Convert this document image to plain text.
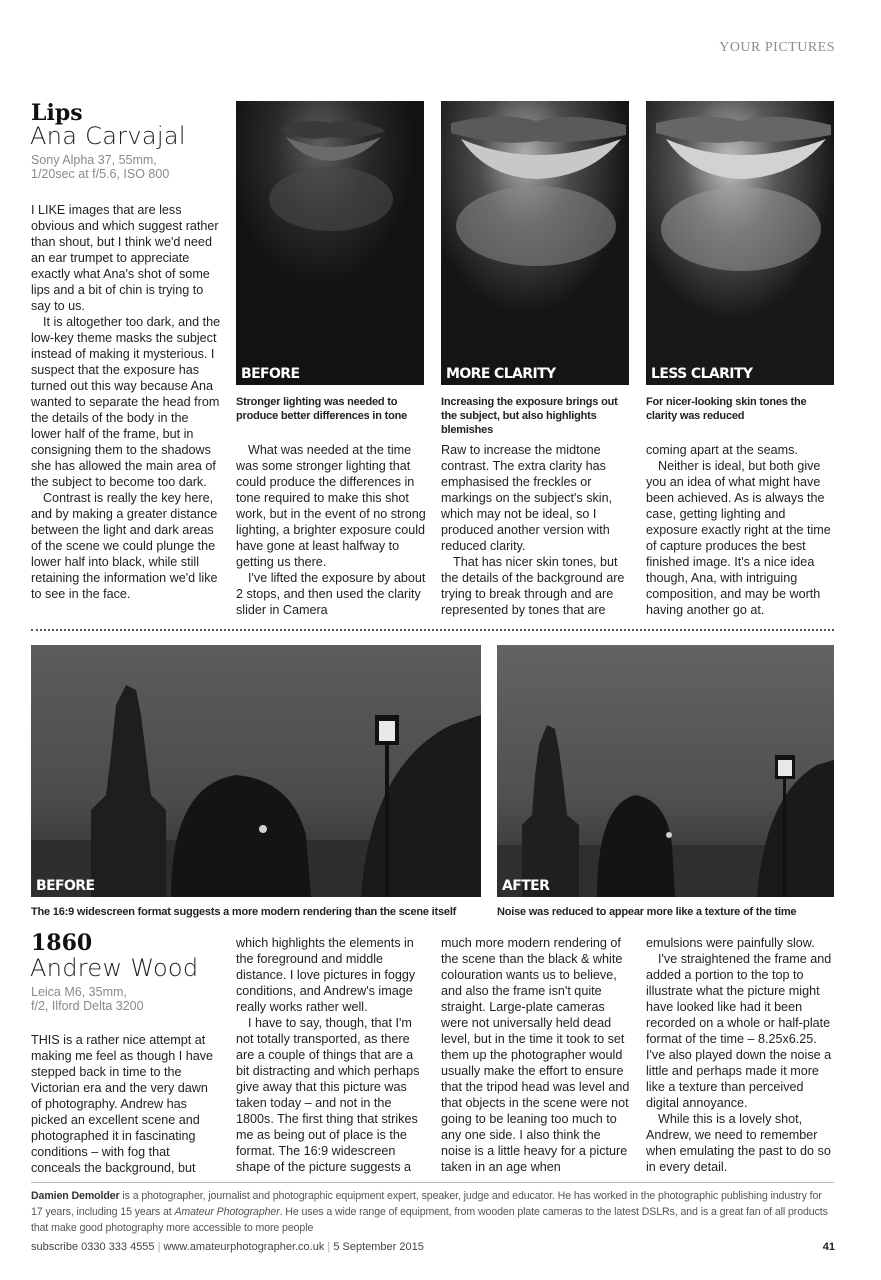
YOUR PICTURES
Lips
Ana Carvajal
Sony Alpha 37, 55mm,
1/20sec at f/5.6, ISO 800

I LIKE images that are less obvious and which suggest rather than shout, but I think we'd need an ear trumpet to appreciate exactly what Ana's shot of some lips and a bit of chin is trying to say to us.

It is altogether too dark, and the low-key theme masks the subject instead of making it mysterious. I suspect that the exposure has turned out this way because Ana wanted to separate the head from the details of the body in the lower half of the frame, but in consigning them to the shadows she has allowed the main area of the subject to become too dark.

Contrast is really the key here, and by making a greater distance between the light and dark areas of the scene we could plunge the lower half into black, while still retaining the information we'd like to see in the face.

BEFORE	MORE CLARITY	LESS CLARITY
Stronger lighting was needed to produce better differences in tone
Increasing the exposure brings out the subject, but also highlights blemishes
For nicer-looking skin tones the clarity was reduced

What was needed at the time was some stronger lighting that could produce the differences in tone required to make this shot work, but in the event of no strong lighting, a brighter exposure could have gone at least halfway to getting us there.

I've lifted the exposure by about 2 stops, and then used the clarity slider in Camera

Raw to increase the midtone contrast. The extra clarity has emphasised the freckles or markings on the subject's skin, which may not be ideal, so I produced another version with reduced clarity.

That has nicer skin tones, but the details of the background are trying to break through and are represented by tones that are

coming apart at the seams.

Neither is ideal, but both give you an idea of what might have been achieved. As is always the case, getting lighting and exposure exactly right at the time of capture produces the best finished image. It's a nice idea though, Ana, with intriguing composition, and may be worth having another go at.

BEFORE	AFTER
The 16:9 widescreen format suggests a more modern rendering than the scene itself	Noise was reduced to appear more like a texture of the time
1860
Andrew Wood
Leica M6, 35mm,
f/2, Ilford Delta 3200

THIS is a rather nice attempt at making me feel as though I have stepped back in time to the Victorian era and the very dawn of photography. Andrew has picked an excellent scene and photographed it in fascinating conditions – with fog that conceals the background, but

which highlights the elements in the foreground and middle distance. I love pictures in foggy conditions, and Andrew's image really works rather well.

I have to say, though, that I'm not totally transported, as there are a couple of things that are a bit distracting and which perhaps give away that this picture was taken today – and not in the 1800s. The first thing that strikes me as being out of place is the format. The 16:9 widescreen shape of the picture suggests a

much more modern rendering of the scene than the black & white colouration wants us to believe, and also the frame isn't quite straight. Large-plate cameras were not universally held dead level, but in the time it took to set them up the photographer would usually make the effort to ensure that the tripod head was level and that objects in the scene were not going to be leaning too much to any one side. I also think the noise is a little heavy for a picture taken in an age when

emulsions were painfully slow.

I've straightened the frame and added a portion to the top to illustrate what the picture might have looked like had it been recorded on a whole or half-plate format of the time – 8.25x6.25. I've also played down the noise a little and perhaps made it more like a texture than perceived digital annoyance.

While this is a lovely shot, Andrew, we need to remember when emulating the past to do so in every detail.

Damien Demolder is a photographer, journalist and photographic equipment expert, speaker, judge and educator. He has worked in the photographic publishing industry for 17 years, including 15 years at Amateur Photographer. He uses a wide range of equipment, from wooden plate cameras to the latest DSLRs, and is a great fan of all products that make good photography more accessible to more people
subscribe 0330 333 4555 | www.amateurphotographer.co.uk | 5 September 2015	41
